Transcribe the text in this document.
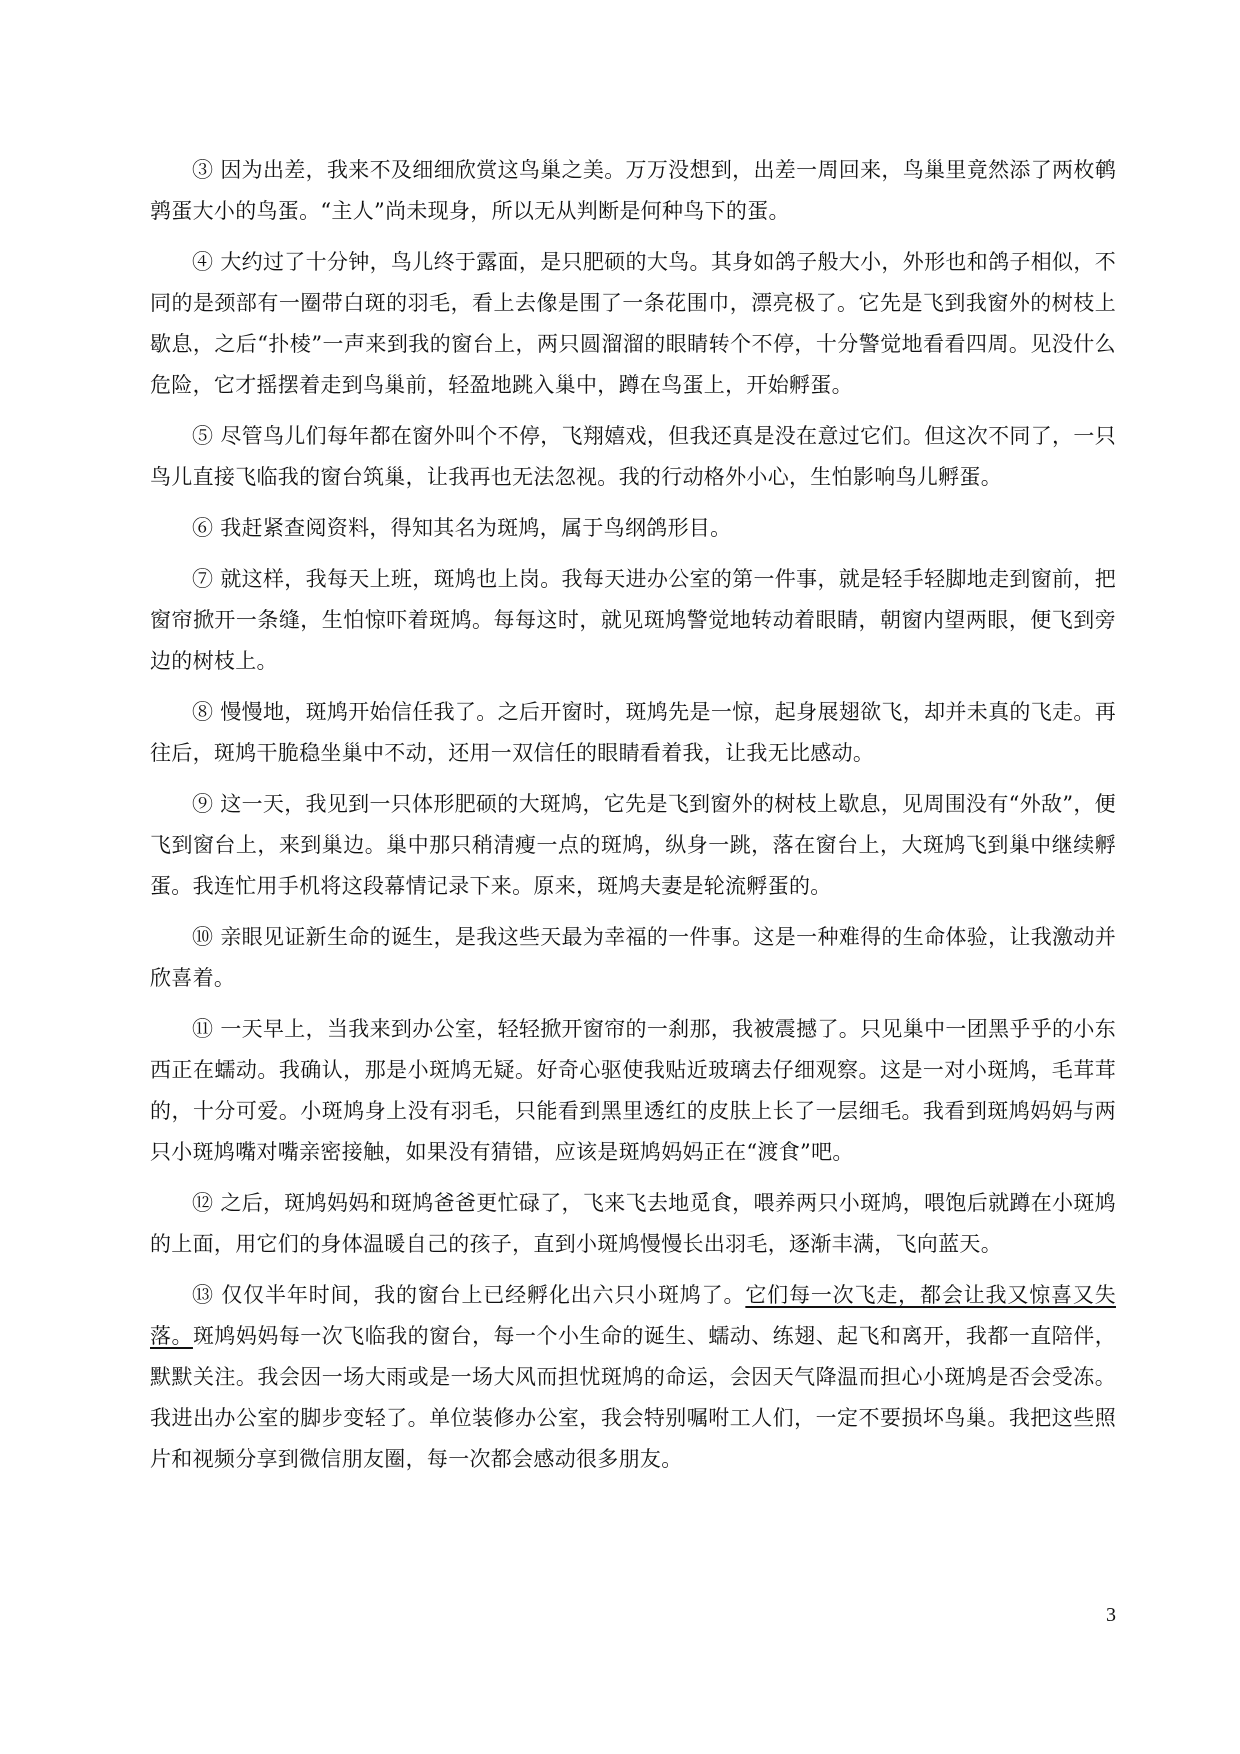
③ 因为出差，我来不及细细欣赏这鸟巢之美。万万没想到，出差一周回来，鸟巢里竟然添了两枚鹌鹑蛋大小的鸟蛋。“主人”尚未现身，所以无从判断是何种鸟下的蛋。

④ 大约过了十分钟，鸟儿终于露面，是只肥硕的大鸟。其身如鸽子般大小，外形也和鸽子相似，不同的是颈部有一圈带白斑的羽毛，看上去像是围了一条花围巾，漂亮极了。它先是飞到我窗外的树枝上歇息，之后“扑棱”一声来到我的窗台上，两只圆溜溜的眼睛转个不停，十分警觉地看看四周。见没什么危险，它才摇摆着走到鸟巢前，轻盈地跳入巢中，蹲在鸟蛋上，开始孵蛋。

⑤ 尽管鸟儿们每年都在窗外叫个不停，飞翔嬉戏，但我还真是没在意过它们。但这次不同了，一只鸟儿直接飞临我的窗台筑巢，让我再也无法忽视。我的行动格外小心，生怕影响鸟儿孵蛋。

⑥ 我赶紧查阅资料，得知其名为斑鸠，属于鸟纲鸽形目。

⑦ 就这样，我每天上班，斑鸠也上岗。我每天进办公室的第一件事，就是轻手轻脚地走到窗前，把窗帘掀开一条缝，生怕惊吓着斑鸠。每每这时，就见斑鸠警觉地转动着眼睛，朝窗内望两眼，便飞到旁边的树枝上。

⑧ 慢慢地，斑鸠开始信任我了。之后开窗时，斑鸠先是一惊，起身展翅欲飞，却并未真的飞走。再往后，斑鸠干脆稳坐巢中不动，还用一双信任的眼睛看着我，让我无比感动。

⑨ 这一天，我见到一只体形肥硕的大斑鸠，它先是飞到窗外的树枝上歇息，见周围没有“外敌”，便飞到窗台上，来到巢边。巢中那只稍清瘦一点的斑鸠，纵身一跳，落在窗台上，大斑鸠飞到巢中继续孵蛋。我连忙用手机将这段幕情记录下来。原来，斑鸠夫妻是轮流孵蛋的。

⑩ 亲眼见证新生命的诞生，是我这些天最为幸福的一件事。这是一种难得的生命体验，让我激动并欣喜着。

⑪ 一天早上，当我来到办公室，轻轻掀开窗帘的一刹那，我被震撼了。只见巢中一团黑乎乎的小东西正在蠕动。我确认，那是小斑鸠无疑。好奇心驱使我贴近玻璃去仔细观察。这是一对小斑鸠，毛茸茸的，十分可爱。小斑鸠身上没有羽毛，只能看到黑里透红的皮肤上长了一层细毛。我看到斑鸠妈妈与两只小斑鸠嘴对嘴亲密接触，如果没有猜错，应该是斑鸠妈妈正在“渡食”吧。

⑫ 之后，斑鸠妈妈和斑鸠爸爸更忙碌了，飞来飞去地觅食，喂养两只小斑鸠，喂饱后就蹲在小斑鸠的上面，用它们的身体温暖自己的孩子，直到小斑鸠慢慢长出羽毛，逐渐丰满，飞向蓝天。

⑬ 仅仅半年时间，我的窗台上已经孵化出六只小斑鸠了。它们每一次飞走，都会让我又惊喜又失落。斑鸠妈妈每一次飞临我的窗台，每一个小生命的诞生、蠕动、练翅、起飞和离开，我都一直陪伴，默默关注。我会因一场大雨或是一场大风而担忧斑鸠的命运，会因天气降温而担心小斑鸠是否会受冻。我进出办公室的脚步变轻了。单位装修办公室，我会特别嘱咐工人们，一定不要损坏鸟巢。我把这些照片和视频分享到微信朋友圈，每一次都会感动很多朋友。

3
